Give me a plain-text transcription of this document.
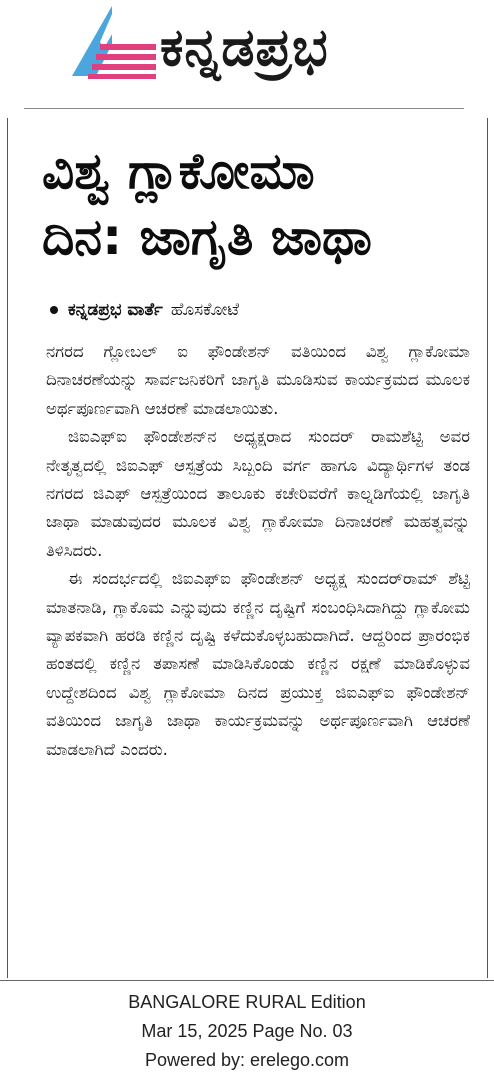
ಕನ್ನಡಪ್ರಭ
ವಿಶ್ವ ಗ್ಲಾಕೋಮಾ
ದಿನ: ಜಾಗೃತಿ ಜಾಥಾ
ಕನ್ನಡಪ್ರಭ ವಾರ್ತೆ ಹೊಸಕೋಟೆ

ನಗರದ ಗ್ಲೋಬಲ್ ಐ ಫೌಂಡೇಶನ್ ವತಿಯಿಂದ ವಿಶ್ವ ಗ್ಲಾಕೋಮಾ ದಿನಾಚರಣೆಯನ್ನು ಸಾರ್ವಜನಿಕರಿಗೆ ಜಾಗೃತಿ ಮೂಡಿಸುವ ಕಾರ್ಯಕ್ರಮದ ಮೂಲಕ ಅರ್ಥಪೂರ್ಣವಾಗಿ ಆಚರಣೆ ಮಾಡಲಾಯಿತು.

ಜಿಐಎಫ್‌ಐ ಫೌಂಡೇಶನ್‌ನ ಅಧ್ಯಕ್ಷರಾದ ಸುಂದರ್ ರಾಮಶೆಟ್ಟಿ ಅವರ ನೇತೃತ್ವದಲ್ಲಿ ಜಿಐಎಫ್ ಆಸ್ಪತ್ರೆಯ ಸಿಬ್ಬಂದಿ ವರ್ಗ ಹಾಗೂ ವಿದ್ಯಾರ್ಥಿಗಳ ತಂಡ ನಗರದ ಜಿಎಫ್ ಆಸ್ಪತ್ರೆಯಿಂದ ತಾಲೂಕು ಕಚೇರಿವರೆಗೆ ಕಾಲ್ನಡಿಗೆಯಲ್ಲಿ ಜಾಗೃತಿ ಜಾಥಾ ಮಾಡುವುದರ ಮೂಲಕ ವಿಶ್ವ ಗ್ಲಾಕೋಮಾ ದಿನಾಚರಣೆ ಮಹತ್ವವನ್ನು ತಿಳಿಸಿದರು.

ಈ ಸಂದರ್ಭದಲ್ಲಿ ಜಿಐಎಫ್‌ಐ ಫೌಂಡೇಶನ್ ಅಧ್ಯಕ್ಷ ಸುಂದರ್‌ರಾಮ್ ಶೆಟ್ಟಿ ಮಾತನಾಡಿ, ಗ್ಲಾಕೊಮ ಎನ್ನುವುದು ಕಣ್ಣಿನ ದೃಷ್ಟಿಗೆ ಸಂಬಂಧಿಸಿದಾಗಿದ್ದು ಗ್ಲಾಕೋಮ ವ್ಯಾಪಕವಾಗಿ ಹರಡಿ ಕಣ್ಣಿನ ದೃಷ್ಟಿ ಕಳೆದುಕೊಳ್ಳಬಹುದಾಗಿದೆ. ಆದ್ದರಿಂದ ಪ್ರಾರಂಭಿಕ ಹಂತದಲ್ಲಿ ಕಣ್ಣಿನ ತಪಾಸಣೆ ಮಾಡಿಸಿಕೊಂಡು ಕಣ್ಣಿನ ರಕ್ಷಣೆ ಮಾಡಿಕೊಳ್ಳುವ ಉದ್ದೇಶದಿಂದ ವಿಶ್ವ ಗ್ಲಾಕೋಮಾ ದಿನದ ಪ್ರಯುಕ್ತ ಜಿಐಎಫ್‌ಐ ಫೌಂಡೇಶನ್ ವತಿಯಿಂದ ಜಾಗೃತಿ ಜಾಥಾ ಕಾರ್ಯಕ್ರಮವನ್ನು ಅರ್ಥಪೂರ್ಣವಾಗಿ ಆಚರಣೆ ಮಾಡಲಾಗಿದೆ ಎಂದರು.

BANGALORE RURAL Edition
Mar 15, 2025 Page No. 03
Powered by: erelego.com
